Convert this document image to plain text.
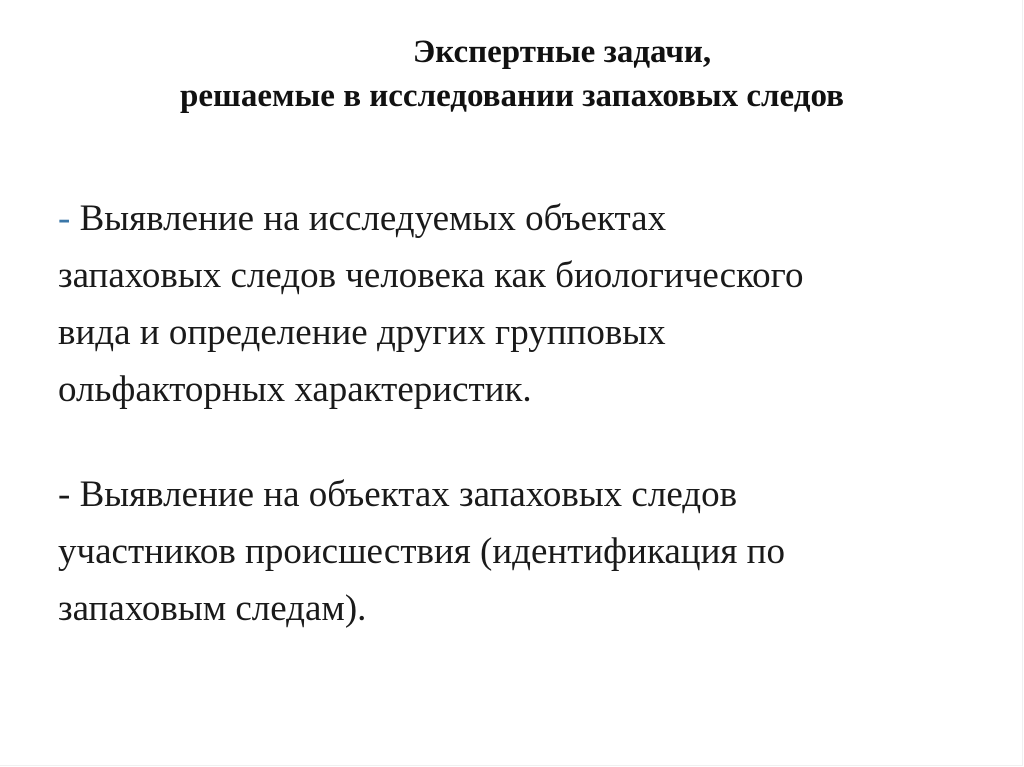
Экспертные задачи,
решаемые в исследовании запаховых следов
- Выявление на исследуемых объектах
запаховых следов человека как биологического
вида и определение других групповых
ольфакторных характеристик.
- Выявление на объектах запаховых следов
участников происшествия (идентификация по
запаховым следам).
